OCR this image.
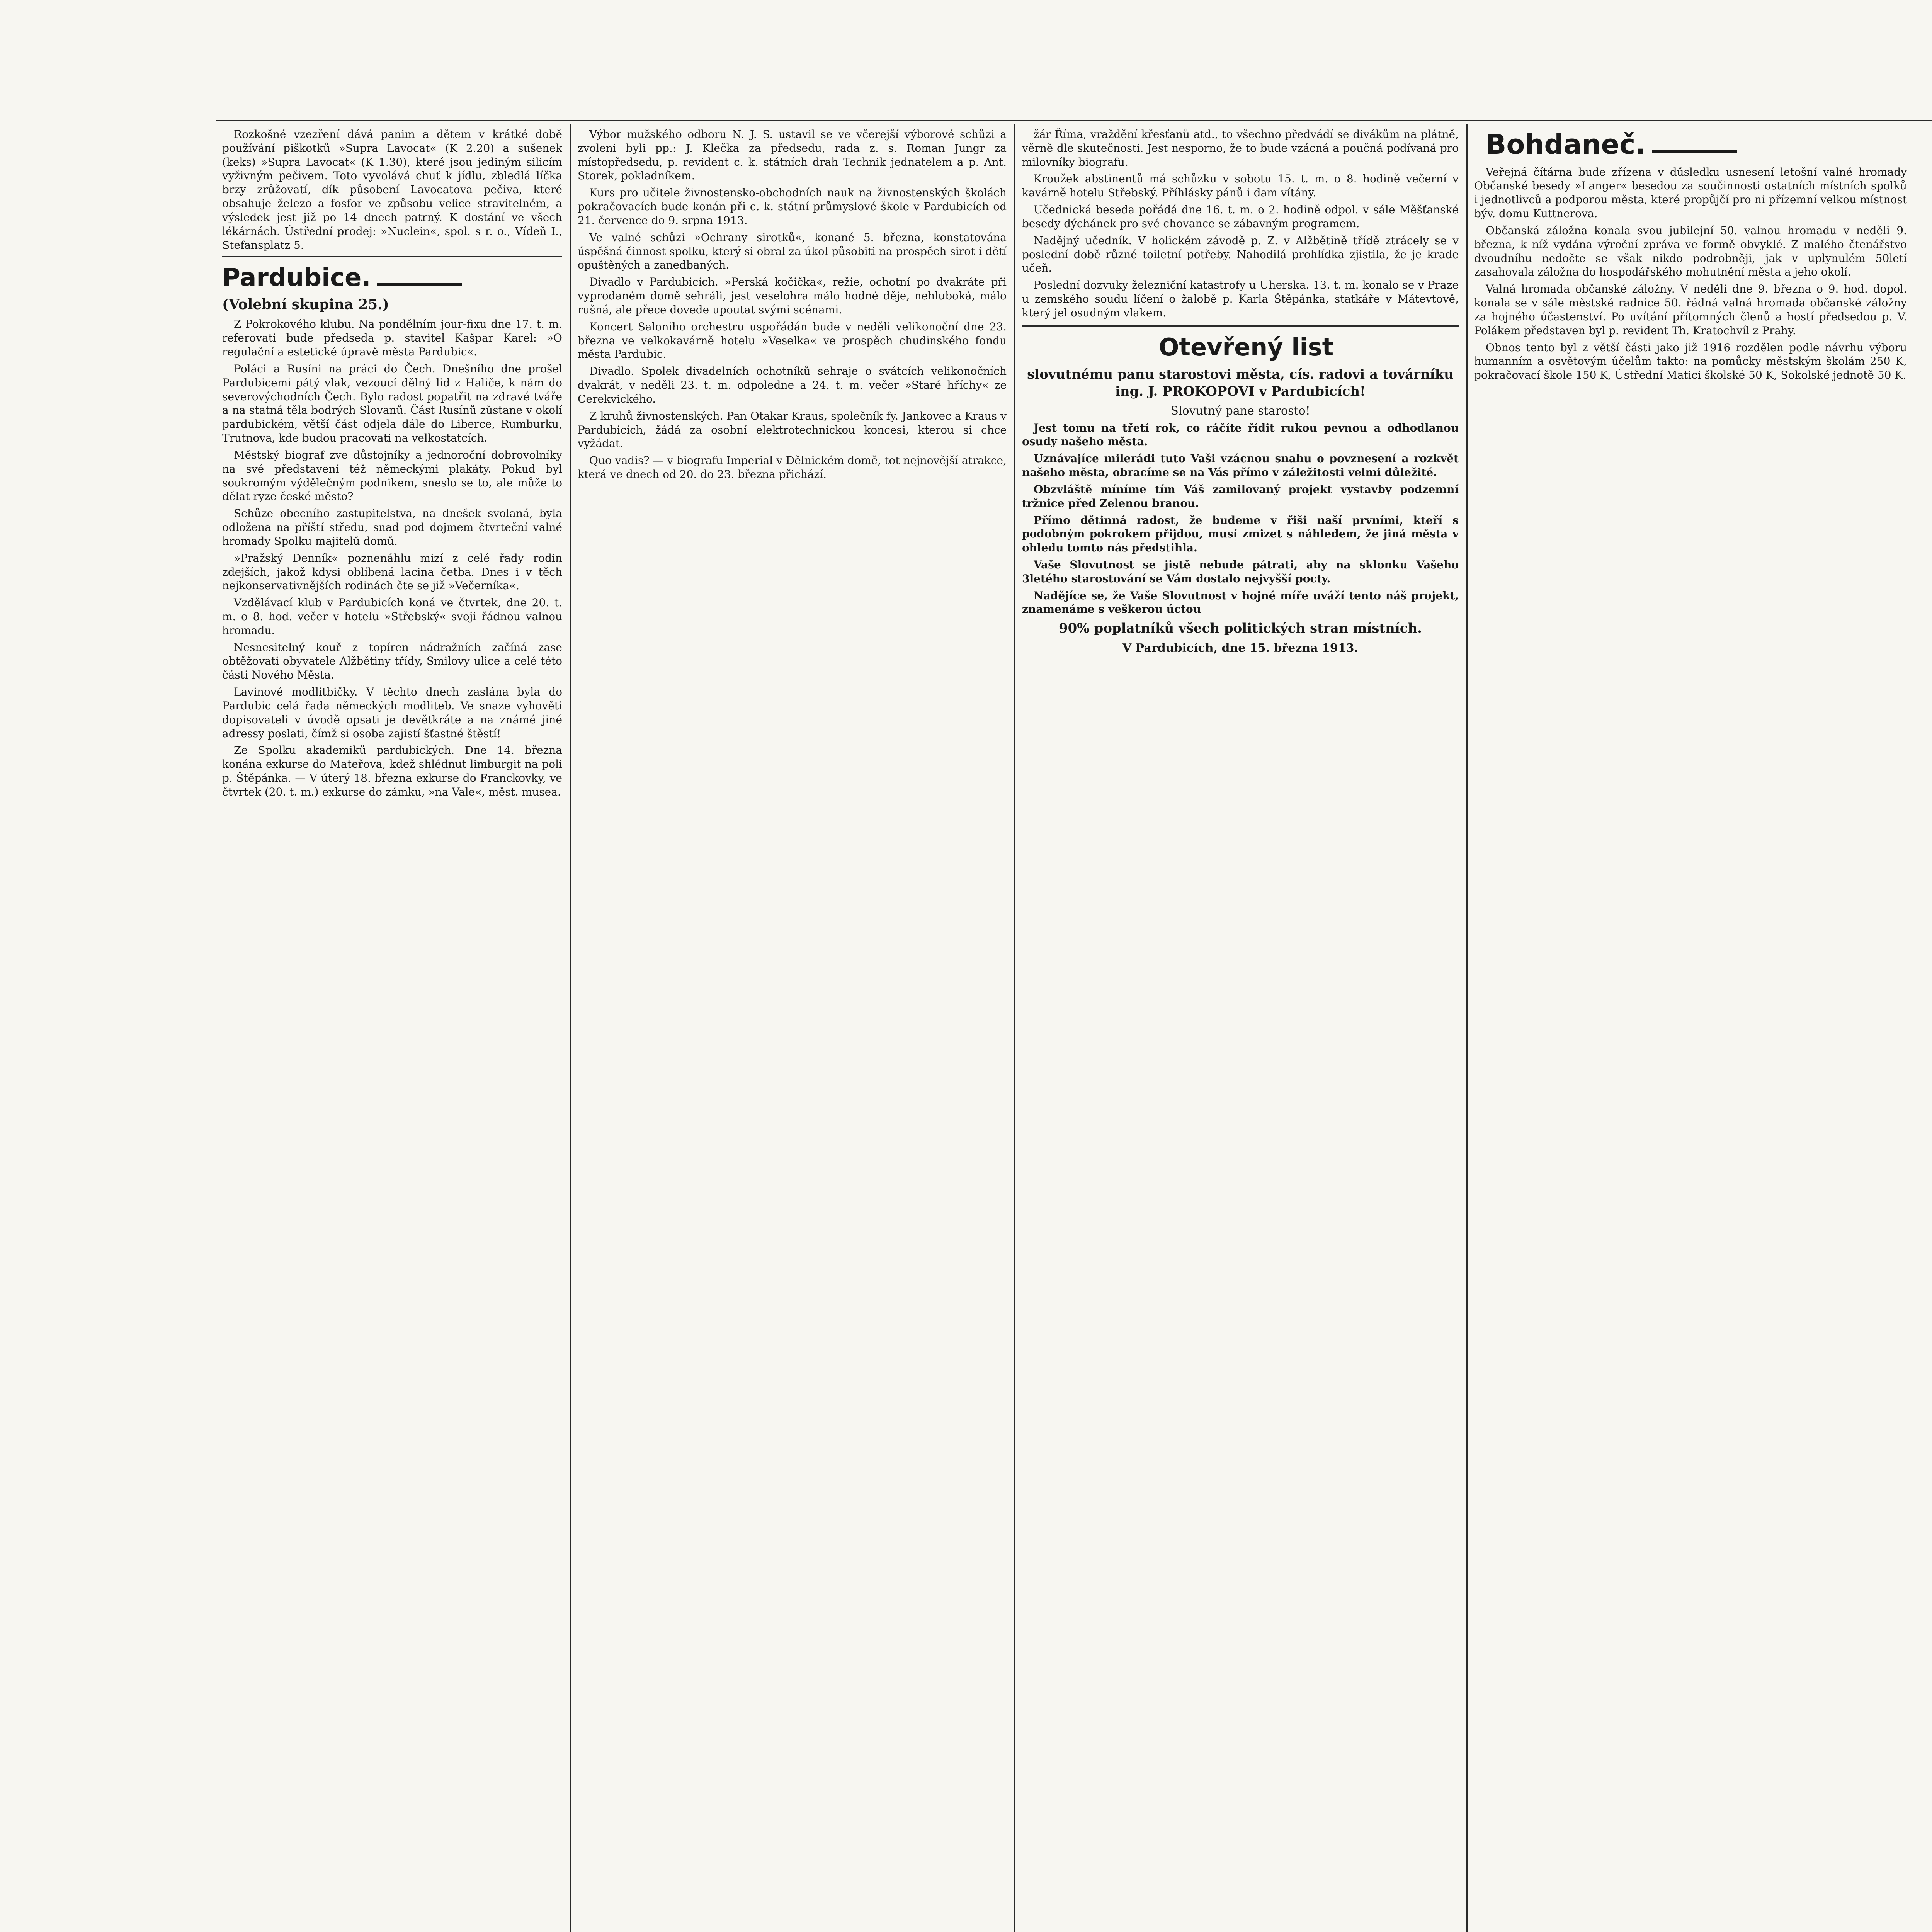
Rozkošné vzezření dává panim a dětem v krátké době používání piškotků »Supra Lavocat« (K 2.20) a sušenek (keks) »Supra Lavocat« (K 1.30), které jsou jediným silicím vyživným pečivem. Toto vyvolává chuť k jídlu, zbledlá líčka brzy zrůžovatí, dík působení Lavocatova pečiva, které obsahuje železo a fosfor ve způsobu velice stravitelném, a výsledek jest již po 14 dnech patrný. K dostání ve všech lékárnách. Ústřední prodej: »Nuclein«, spol. s r. o., Vídeň I., Stefansplatz 5.

Pardubice.

(Volební skupina 25.)

Z Pokrokového klubu. Na pondělním jour-fixu dne 17. t. m. referovati bude předseda p. stavitel Kašpar Karel: »O regulační a estetické úpravě města Pardubic«.

Poláci a Rusíni na práci do Čech. Dnešního dne prošel Pardubicemi pátý vlak, vezoucí dělný lid z Haliče, k nám do severovýchodních Čech. Bylo radost popatřit na zdravé tváře a na statná těla bodrých Slovanů. Část Rusínů zůstane v okolí pardubickém, větší část odjela dále do Liberce, Rumburku, Trutnova, kde budou pracovati na velkostatcích.

Městský biograf zve důstojníky a jednoroční dobrovolníky na své představení též německými plakáty. Pokud byl soukromým výdělečným podnikem, sneslo se to, ale může to dělat ryze české město?

Schůze obecního zastupitelstva, na dnešek svolaná, byla odložena na příští středu, snad pod dojmem čtvrteční valné hromady Spolku majitelů domů.

»Pražský Denník« poznenáhlu mizí z celé řady rodin zdejších, jakož kdysi oblíbená lacina četba. Dnes i v těch nejkonservativnějších rodinách čte se již »Večerníka«.

Vzdělávací klub v Pardubicích koná ve čtvrtek, dne 20. t. m. o 8. hod. večer v hotelu »Střebský« svoji řádnou valnou hromadu.

Nesnesitelný kouř z topíren nádražních začíná zase obtěžovati obyvatele Alžbětiny třídy, Smilovy ulice a celé této části Nového Města.

Lavinové modlitbičky. V těchto dnech zaslána byla do Pardubic celá řada německých modliteb. Ve snaze vyhověti dopisovateli v úvodě opsati je devětkráte a na známé jiné adressy poslati, čímž si osoba zajistí šťastné štěstí!

Ze Spolku akademiků pardubických. Dne 14. března konána exkurse do Mateřova, kdež shlédnut limburgit na poli p. Štěpánka. — V úterý 18. března exkurse do Franckovky, ve čtvrtek (20. t. m.) exkurse do zámku, »na Vale«, měst. musea.

Výbor mužského odboru N. J. S. ustavil se ve včerejší výborové schůzi a zvoleni byli pp.: J. Klečka za předsedu, rada z. s. Roman Jungr za místopředsedu, p. revident c. k. státních drah Technik jednatelem a p. Ant. Storek, pokladníkem.

Kurs pro učitele živnostensko-obchodních nauk na živnostenských školách pokračovacích bude konán při c. k. státní průmyslové škole v Pardubicích od 21. července do 9. srpna 1913.

Ve valné schůzi »Ochrany sirotků«, konané 5. března, konstatována úspěšná činnost spolku, který si obral za úkol působiti na prospěch sirot i dětí opuštěných a zanedbaných.

Divadlo v Pardubicích. »Perská kočička«, režie, ochotní po dvakráte při vyprodaném domě sehráli, jest veselohra málo hodné děje, nehluboká, málo rušná, ale přece dovede upoutat svými scénami.

Koncert Saloniho orchestru uspořádán bude v neděli velikonoční dne 23. března ve velkokavárně hotelu »Veselka« ve prospěch chudinského fondu města Pardubic.

Divadlo. Spolek divadelních ochotníků sehraje o svátcích velikonočních dvakrát, v neděli 23. t. m. odpoledne a 24. t. m. večer »Staré hříchy« ze Cerekvického.

Z kruhů živnostenských. Pan Otakar Kraus, společník fy. Jankovec a Kraus v Pardubicích, žádá za osobní elektrotechnickou koncesi, kterou si chce vyžádat.

Quo vadis? — v biografu Imperial v Dělnickém domě, tot nejnovější atrakce, která ve dnech od 20. do 23. března přichází.

žár Říma, vraždění křesťanů atd., to všechno předvádí se divákům na plátně, věrně dle skutečnosti. Jest nesporno, že to bude vzácná a poučná podívaná pro milovníky biografu.

Kroužek abstinentů má schůzku v sobotu 15. t. m. o 8. hodině večerní v kavárně hotelu Střebský. Příhlásky pánů i dam vítány.

Učednická beseda pořádá dne 16. t. m. o 2. hodině odpol. v sále Měšťanské besedy dýchánek pro své chovance se zábavným programem.

Nadějný učedník. V holickém závodě p. Z. v Alžbětině třídě ztrácely se v poslední době různé toiletní potřeby. Nahodilá prohlídka zjistila, že je krade učeň.

Poslední dozvuky železniční katastrofy u Uherska. 13. t. m. konalo se v Praze u zemského soudu líčení o žalobě p. Karla Štěpánka, statkáře v Mátevtově, který jel osudným vlakem.

Otevřený list

slovutnému panu starostovi města, cís. radovi a továrníku ing. J. PROKOPOVI v Pardubicích!

Slovutný pane starosto!

Jest tomu na třetí rok, co ráčíte řídit rukou pevnou a odhodlanou osudy našeho města.

Uznávajíce milerádi tuto Vaši vzácnou snahu o povznesení a rozkvět našeho města, obracíme se na Vás přímo v záležitosti velmi důležité.

Obzvláště míníme tím Váš zamilovaný projekt vystavby podzemní tržnice před Zelenou branou.

Přímo dětinná radost, že budeme v řiši naší prvními, kteří s podobným pokrokem přijdou, musí zmizet s náhledem, že jiná města v ohledu tomto nás předstihla.

Vaše Slovutnost se jistě nebude pátrati, aby na sklonku Vašeho 3letého starostování se Vám dostalo nejvyšší pocty.

Nadějíce se, že Vaše Slovutnost v hojné míře uváží tento náš projekt, znamenáme s veškerou úctou

90% poplatníků všech politických stran místních.

V Pardubicích, dne 15. března 1913.

Bohdaneč.

Veřejná čítárna bude zřízena v důsledku usnesení letošní valné hromady Občanské besedy »Langer« besedou za součinnosti ostatních místních spolků i jednotlivců a podporou města, které propůjčí pro ni přízemní velkou místnost býv. domu Kuttnerova.

Občanská záložna konala svou jubilejní 50. valnou hromadu v neděli 9. března, k níž vydána výroční zpráva ve formě obvyklé. Z malého čtenářstvo dvoudníhu nedočte se však nikdo podrobněji, jak v uplynulém 50letí zasahovala záložna do hospodářského mohutnění města a jeho okolí.

Valná hromada občanské záložny. V neděli dne 9. března o 9. hod. dopol. konala se v sále městské radnice 50. řádná valná hromada občanské záložny za hojného účastenství. Po uvítání přítomných členů a hostí předsedou p. V. Polákem představen byl p. revident Th. Kratochvíl z Prahy.

Obnos tento byl z větší části jako již 1916 rozdělen podle návrhu výboru humanním a osvětovým účelům takto: na pomůcky městským školám 250 K, pokračovací škole 150 K, Ústřední Matici školské 50 K, Sokolské jednotě 50 K.
